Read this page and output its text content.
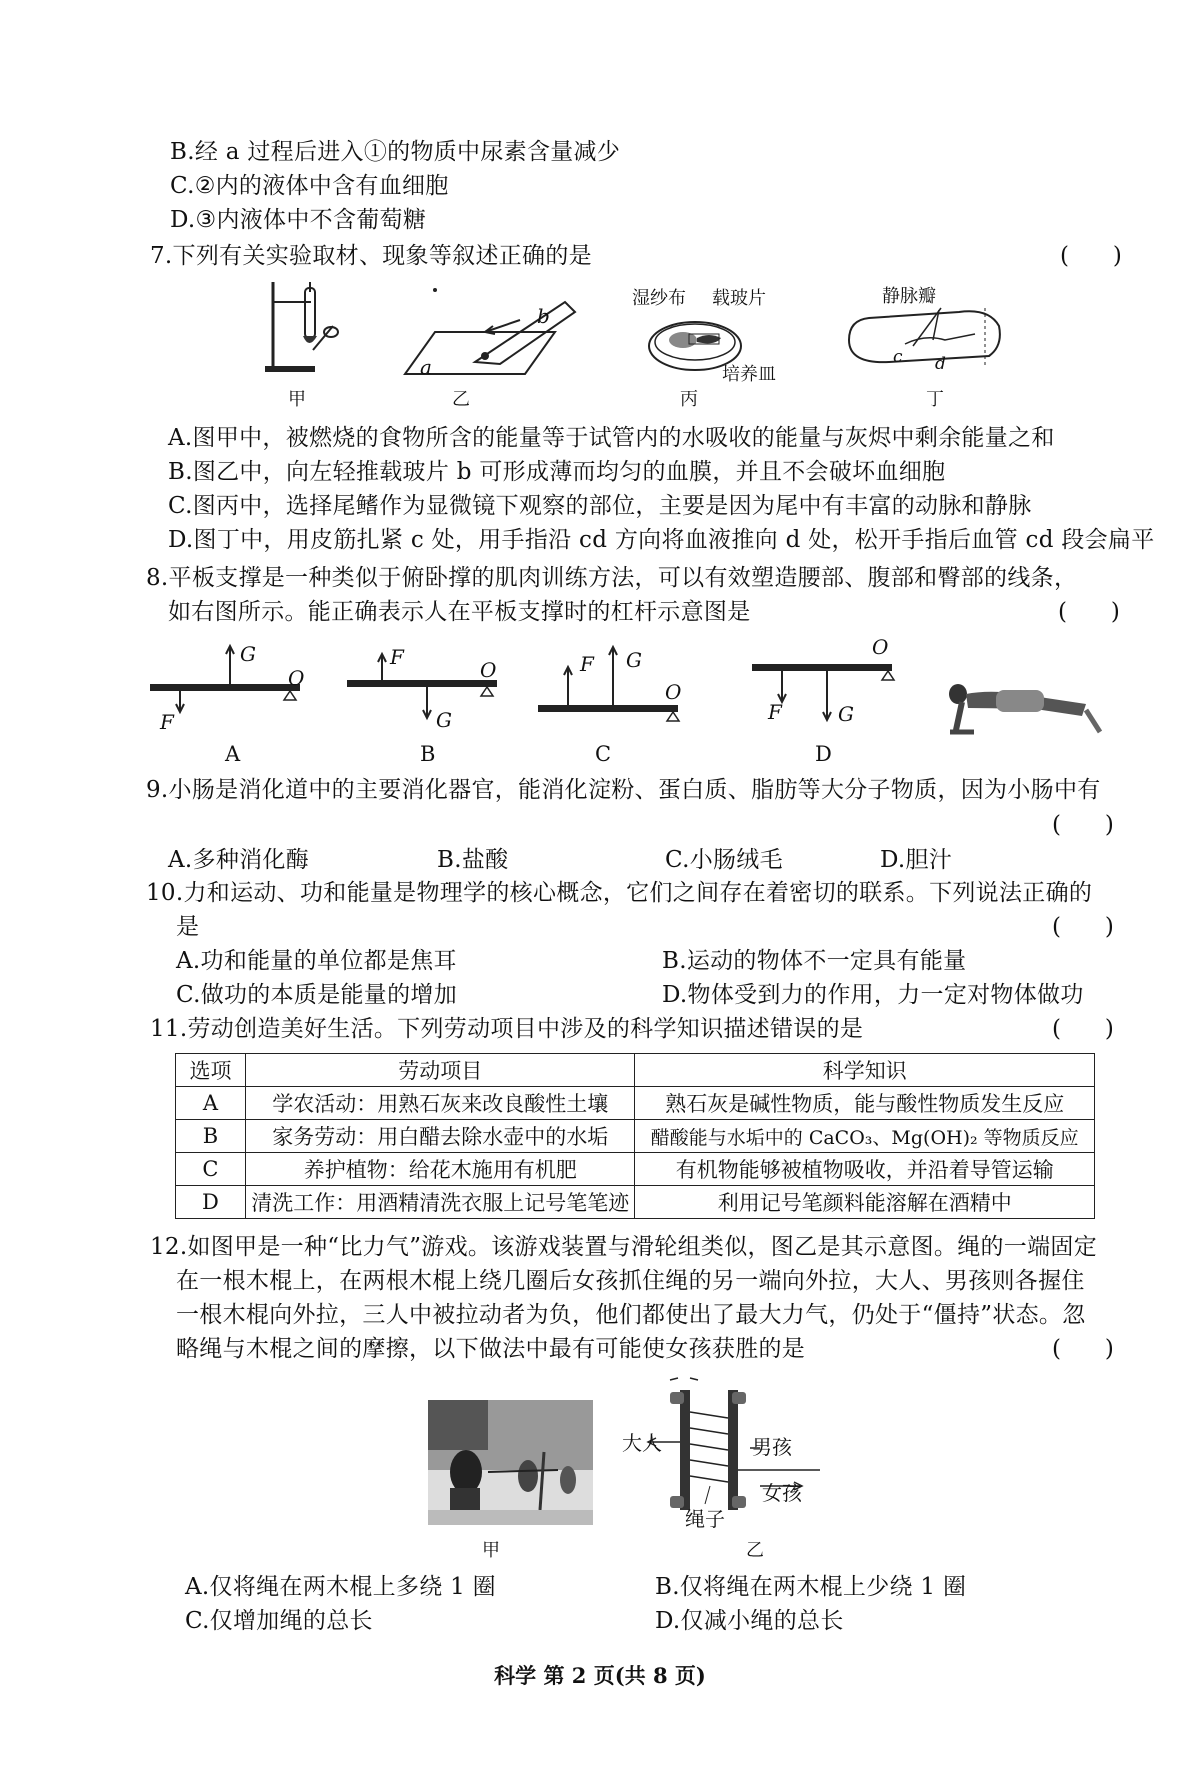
B.经 a 过程后进入①的物质中尿素含量减少
C.②内的液体中含有血细胞
D.③内液体中不含葡萄糖
7.下列有关实验取材、现象等叙述正确的是	(      )
甲
a
b
乙
湿纱布 载玻片
培养皿
丙
静脉瓣
c d
丁
A.图甲中，被燃烧的食物所含的能量等于试管内的水吸收的能量与灰烬中剩余能量之和
B.图乙中，向左轻推载玻片 b 可形成薄而均匀的血膜，并且不会破坏血细胞
C.图丙中，选择尾鳍作为显微镜下观察的部位，主要是因为尾中有丰富的动脉和静脉
D.图丁中，用皮筋扎紧 c 处，用手指沿 cd 方向将血液推向 d 处，松开手指后血管 cd 段会扁平
8.平板支撑是一种类似于俯卧撑的肌肉训练方法，可以有效塑造腰部、腹部和臀部的线条，
如右图所示。能正确表示人在平板支撑时的杠杆示意图是	(      )
G
O
F
A
F
O
G
B
F G
O
C
O
F	G
D
9.小肠是消化道中的主要消化器官，能消化淀粉、蛋白质、脂肪等大分子物质，因为小肠中有
(      )
A.多种消化酶	B.盐酸	C.小肠绒毛	D.胆汁
10.力和运动、功和能量是物理学的核心概念，它们之间存在着密切的联系。下列说法正确的
是	(      )
A.功和能量的单位都是焦耳	B.运动的物体不一定具有能量
C.做功的本质是能量的增加	D.物体受到力的作用，力一定对物体做功
11.劳动创造美好生活。下列劳动项目中涉及的科学知识描述错误的是	(      )
选项	劳动项目	科学知识
A	学农活动：用熟石灰来改良酸性土壤	熟石灰是碱性物质，能与酸性物质发生反应
B	家务劳动：用白醋去除水壶中的水垢	醋酸能与水垢中的 CaCO₃、Mg(OH)₂ 等物质反应
C	养护植物：给花木施用有机肥	有机物能够被植物吸收，并沿着导管运输
D	清洗工作：用酒精清洗衣服上记号笔笔迹	利用记号笔颜料能溶解在酒精中
12.如图甲是一种“比力气”游戏。该游戏装置与滑轮组类似，图乙是其示意图。绳的一端固定
在一根木棍上，在两根木棍上绕几圈后女孩抓住绳的另一端向外拉，大人、男孩则各握住
一根木棍向外拉，三人中被拉动者为负，他们都使出了最大力气，仍处于“僵持”状态。忽
略绳与木棍之间的摩擦，以下做法中最有可能使女孩获胜的是	(      )
甲
大人	男孩
女孩
绳子
乙
A.仅将绳在两木棍上多绕 1 圈	B.仅将绳在两木棍上少绕 1 圈
C.仅增加绳的总长	D.仅减小绳的总长
科学 第 2 页(共 8 页)
